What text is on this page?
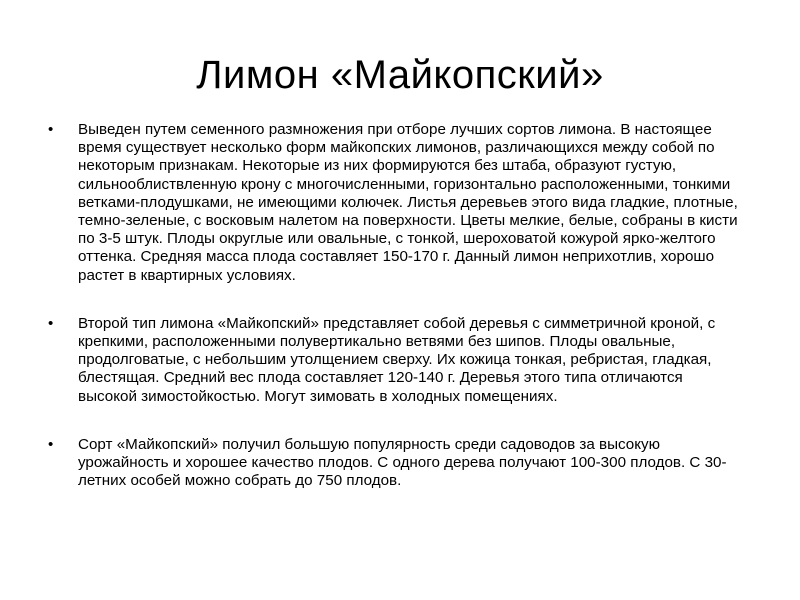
Лимон «Майкопский»
•	Выведен путем семенного размножения при отборе лучших сортов лимона. В настоящее время существует несколько форм майкопских лимонов, различающихся между собой по некоторым признакам. Некоторые из них формируются без штаба, образуют густую, сильнооблиствленную крону с многочисленными, горизонтально расположенными, тонкими ветками-плодушками, не имеющими колючек. Листья деревьев этого вида гладкие, плотные, темно-зеленые, с восковым налетом на поверхности. Цветы мелкие, белые, собраны в кисти по 3-5 штук. Плоды округлые или овальные, с тонкой, шероховатой кожурой ярко-желтого оттенка. Средняя масса плода составляет 150-170 г. Данный лимон неприхотлив, хорошо растет в квартирных условиях.
•	Второй тип лимона «Майкопский» представляет собой деревья с симметричной кроной, с крепкими, расположенными полувертикально ветвями без шипов. Плоды овальные, продолговатые, с небольшим утолщением сверху. Их кожица тонкая, ребристая, гладкая, блестящая. Средний вес плода составляет 120-140 г. Деревья этого типа отличаются высокой зимостойкостью. Могут зимовать в холодных помещениях.
•	Сорт «Майкопский» получил большую популярность среди садоводов за высокую урожайность и хорошее качество плодов. С одного дерева получают 100-300 плодов. С 30-летних особей можно собрать до 750 плодов.
